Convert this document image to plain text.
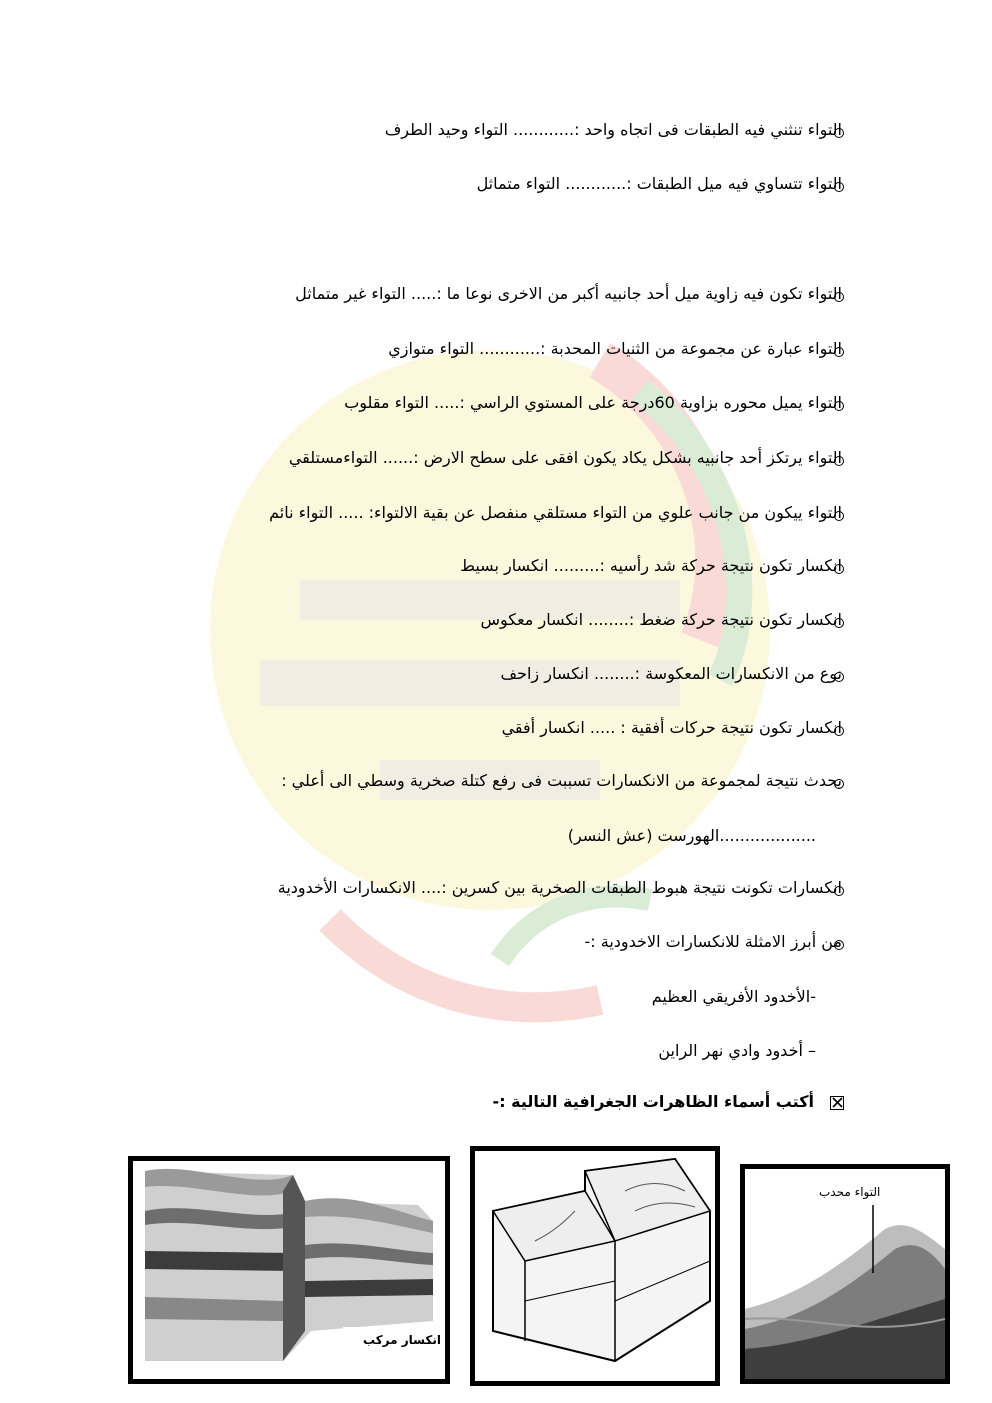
التواء تنثني فيه الطبقات فى اتجاه واحد :............ التواء وحيد الطرف
التواء تتساوي فيه ميل الطبقات :............ التواء متماثل
التواء تكون فيه زاوية ميل أحد جانبيه أكبر من الاخرى نوعا ما :..... التواء غير متماثل
التواء عبارة عن مجموعة من الثنيات المحدبة :............ التواء متوازي
التواء يميل محوره بزاوية 60درجة على المستوي الراسي :..... التواء مقلوب
التواء يرتكز أحد جانبيه بشكل يكاد يكون افقى على سطح الارض :...... التواءمستلقي
التواء ييكون من جانب علوي من التواء مستلقي منفصل عن بقية الالتواء: ..... التواء نائم
انكسار تكون نتيجة حركة شد رأسيه :......... انكسار بسيط
انكسار تكون نتيجة حركة ضغط :........ انكسار معكوس
نوع من الانكسارات المعكوسة :........ انكسار زاحف
انكسار تكون نتيجة حركات أفقية : ..... انكسار أفقي
يحدث نتيجة لمجموعة من الانكسارات تسببت فى رفع كتلة صخرية وسطي الى أعلي :
...................الهورست (عش النسر)
انكسارات تكونت نتيجة هبوط الطبقات الصخرية بين كسرين :.... الانكسارات الأخدودية
من أبرز الامثلة للانكسارات الاخدودية :-
-الأخدود الأفريقي العظيم
– أخدود وادي نهر الراين
أكتب أسماء الظاهرات الجغرافية التالية :-
انكسار مركب
التواء محدب
